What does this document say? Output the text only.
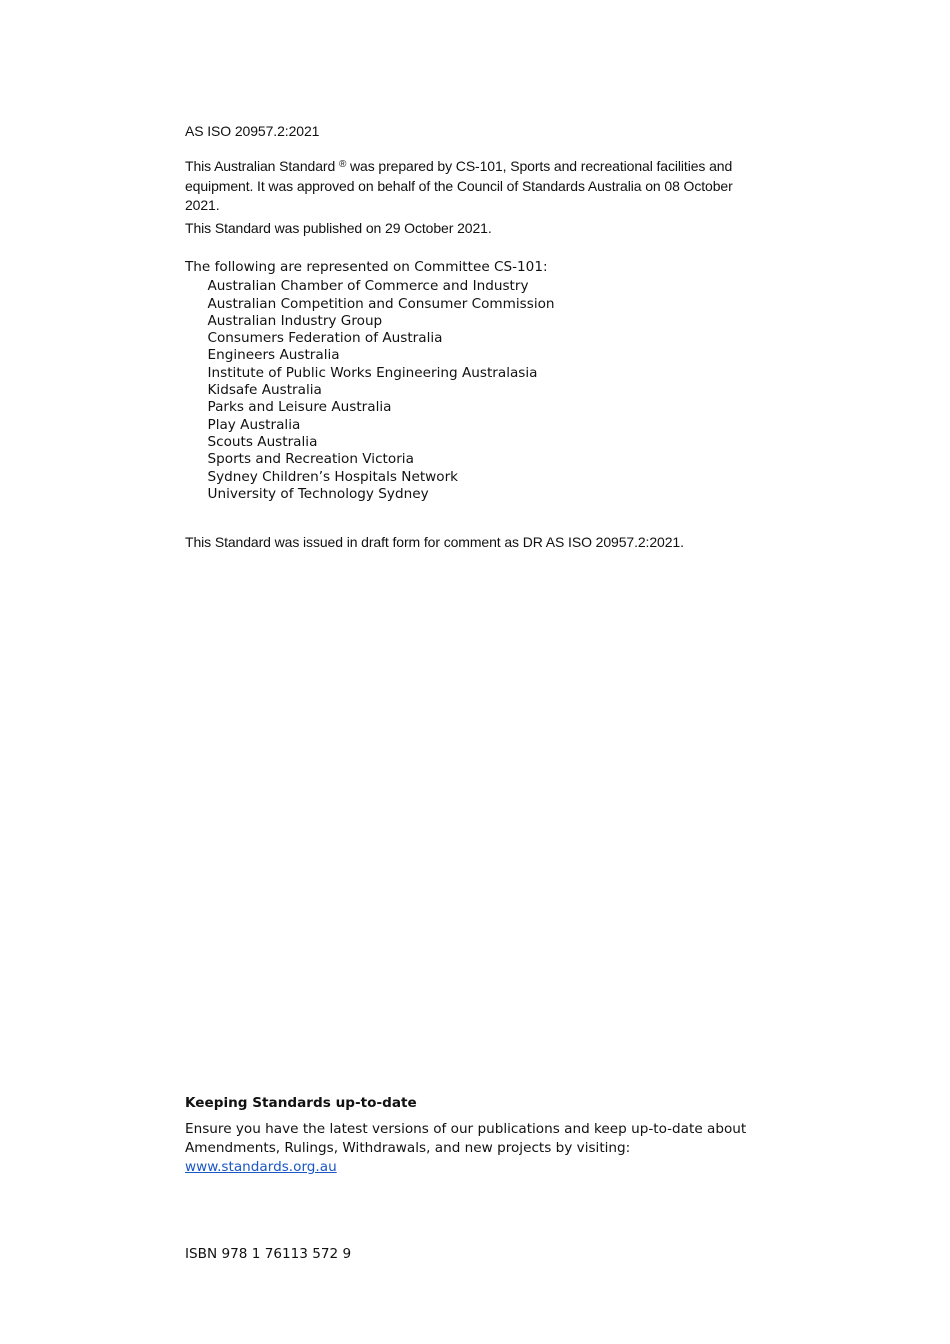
AS ISO 20957.2:2021

This Australian Standard ® was prepared by CS-101, Sports and recreational facilities and equipment. It was approved on behalf of the Council of Standards Australia on 08 October 2021.

This Standard was published on 29 October 2021.

The following are represented on Committee CS-101:
Australian Chamber of Commerce and Industry
Australian Competition and Consumer Commission
Australian Industry Group
Consumers Federation of Australia
Engineers Australia
Institute of Public Works Engineering Australasia
Kidsafe Australia
Parks and Leisure Australia
Play Australia
Scouts Australia
Sports and Recreation Victoria
Sydney Children’s Hospitals Network
University of Technology Sydney

This Standard was issued in draft form for comment as DR AS ISO 20957.2:2021.

Keeping Standards up-to-date

Ensure you have the latest versions of our publications and keep up-to-date about Amendments, Rulings, Withdrawals, and new projects by visiting:
www.standards.org.au

ISBN 978 1 76113 572 9
